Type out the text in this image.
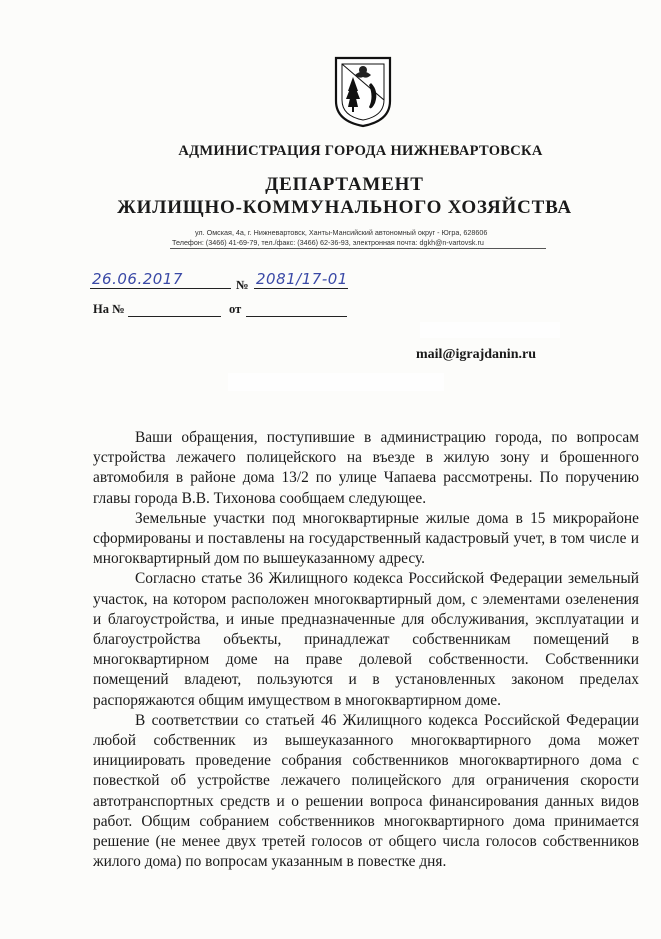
АДМИНИСТРАЦИЯ ГОРОДА НИЖНЕВАРТОВСКА
ДЕПАРТАМЕНТ
ЖИЛИЩНО-КОММУНАЛЬНОГО ХОЗЯЙСТВА
ул. Омская, 4а, г. Нижневартовск, Ханты-Мансийский автономный округ - Югра, 628606
Телефон: (3466) 41-69-79, тел./факс: (3466) 62-36-93, электронная почта: dgkh@n-vartovsk.ru
26.06.2017	№ 2081/17-01
На №	от
mail@igrajdanin.ru

Ваши обращения, поступившие в администрацию города, по вопросам устройства лежачего полицейского на въезде в жилую зону и брошенного автомобиля в районе дома 13/2 по улице Чапаева рассмотрены. По поручению главы города В.В. Тихонова сообщаем следующее.

Земельные участки под многоквартирные жилые дома в 15 микрорайоне сформированы и поставлены на государственный кадастровый учет, в том числе и многоквартирный дом по вышеуказанному адресу.

Согласно статье 36 Жилищного кодекса Российской Федерации земельный участок, на котором расположен многоквартирный дом, с элементами озеленения и благоустройства, и иные предназначенные для обслуживания, эксплуатации и благоустройства объекты, принадлежат собственникам помещений в многоквартирном доме на праве долевой собственности. Собственники помещений владеют, пользуются и в установленных законом пределах распоряжаются общим имуществом в многоквартирном доме.

В соответствии со статьей 46 Жилищного кодекса Российской Федерации любой собственник из вышеуказанного многоквартирного дома может инициировать проведение собрания собственников многоквартирного дома с повесткой об устройстве лежачего полицейского для ограничения скорости автотранспортных средств и о решении вопроса финансирования данных видов работ. Общим собранием собственников многоквартирного дома принимается решение (не менее двух третей голосов от общего числа голосов собственников жилого дома) по вопросам указанным в повестке дня.
